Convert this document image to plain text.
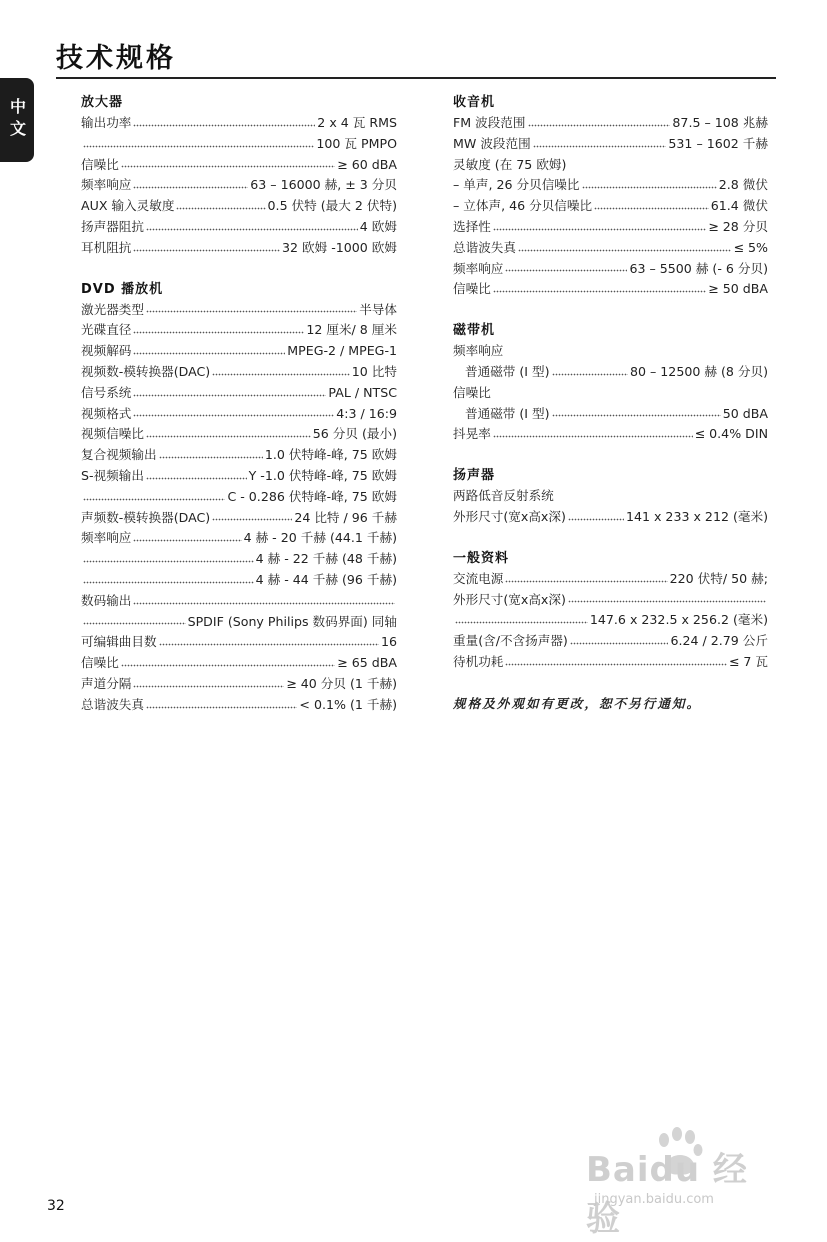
技术规格
中文	放大器
输出功率	2 x 4 瓦 RMS
100 瓦 PMPO
信噪比	≥ 60 dBA
频率响应	63 – 16000 赫, ± 3 分贝
AUX 输入灵敏度	0.5 伏特 (最大 2 伏特)
扬声器阻抗	4 欧姆
耳机阻抗	32 欧姆 -1000 欧姆
DVD 播放机
激光器类型	半导体
光碟直径	12 厘米/ 8 厘米
视频解码	MPEG-2 / MPEG-1
视频数-模转换器(DAC)	10 比特
信号系统	PAL / NTSC
视频格式	4:3 / 16:9
视频信噪比	56 分贝 (最小)
复合视频输出	1.0 伏特峰-峰, 75 欧姆
S-视频输出	Y -1.0 伏特峰-峰, 75 欧姆
C - 0.286 伏特峰-峰, 75 欧姆
声频数-模转换器(DAC)	24 比特 / 96 千赫
频率响应	4 赫 - 20 千赫 (44.1 千赫)
4 赫 - 22 千赫 (48 千赫)
4 赫 - 44 千赫 (96 千赫)
数码输出
SPDIF (Sony Philips 数码界面) 同轴
可编辑曲目数	16
信噪比	≥ 65 dBA
声道分隔	≥ 40 分贝 (1 千赫)
总谐波失真	< 0.1% (1 千赫)
收音机
FM 波段范围	87.5 – 108 兆赫
MW 波段范围	531 – 1602 千赫
灵敏度 (在 75 欧姆)
– 单声, 26 分贝信噪比	2.8 微伏
– 立体声, 46 分贝信噪比	61.4 微伏
选择性	≥ 28 分贝
总谐波失真	≤ 5%
频率响应	63 – 5500 赫 (- 6 分贝)
信噪比	≥ 50 dBA
磁带机
频率响应
普通磁带 (I 型)	80 – 12500 赫 (8 分贝)
信噪比
普通磁带 (I 型)	50 dBA
抖晃率	≤ 0.4% DIN
扬声器
两路低音反射系统
外形尺寸(宽x高x深)	141 x 233 x 212 (毫米)
一般资料
交流电源	220 伏特/ 50 赫;
外形尺寸(宽x高x深)
147.6 x 232.5 x 256.2 (毫米)
重量(含/不含扬声器)	6.24 / 2.79 公斤
待机功耗	≤ 7 瓦
规格及外观如有更改，恕不另行通知。
32
Baidu 经验
jingyan.baidu.com
